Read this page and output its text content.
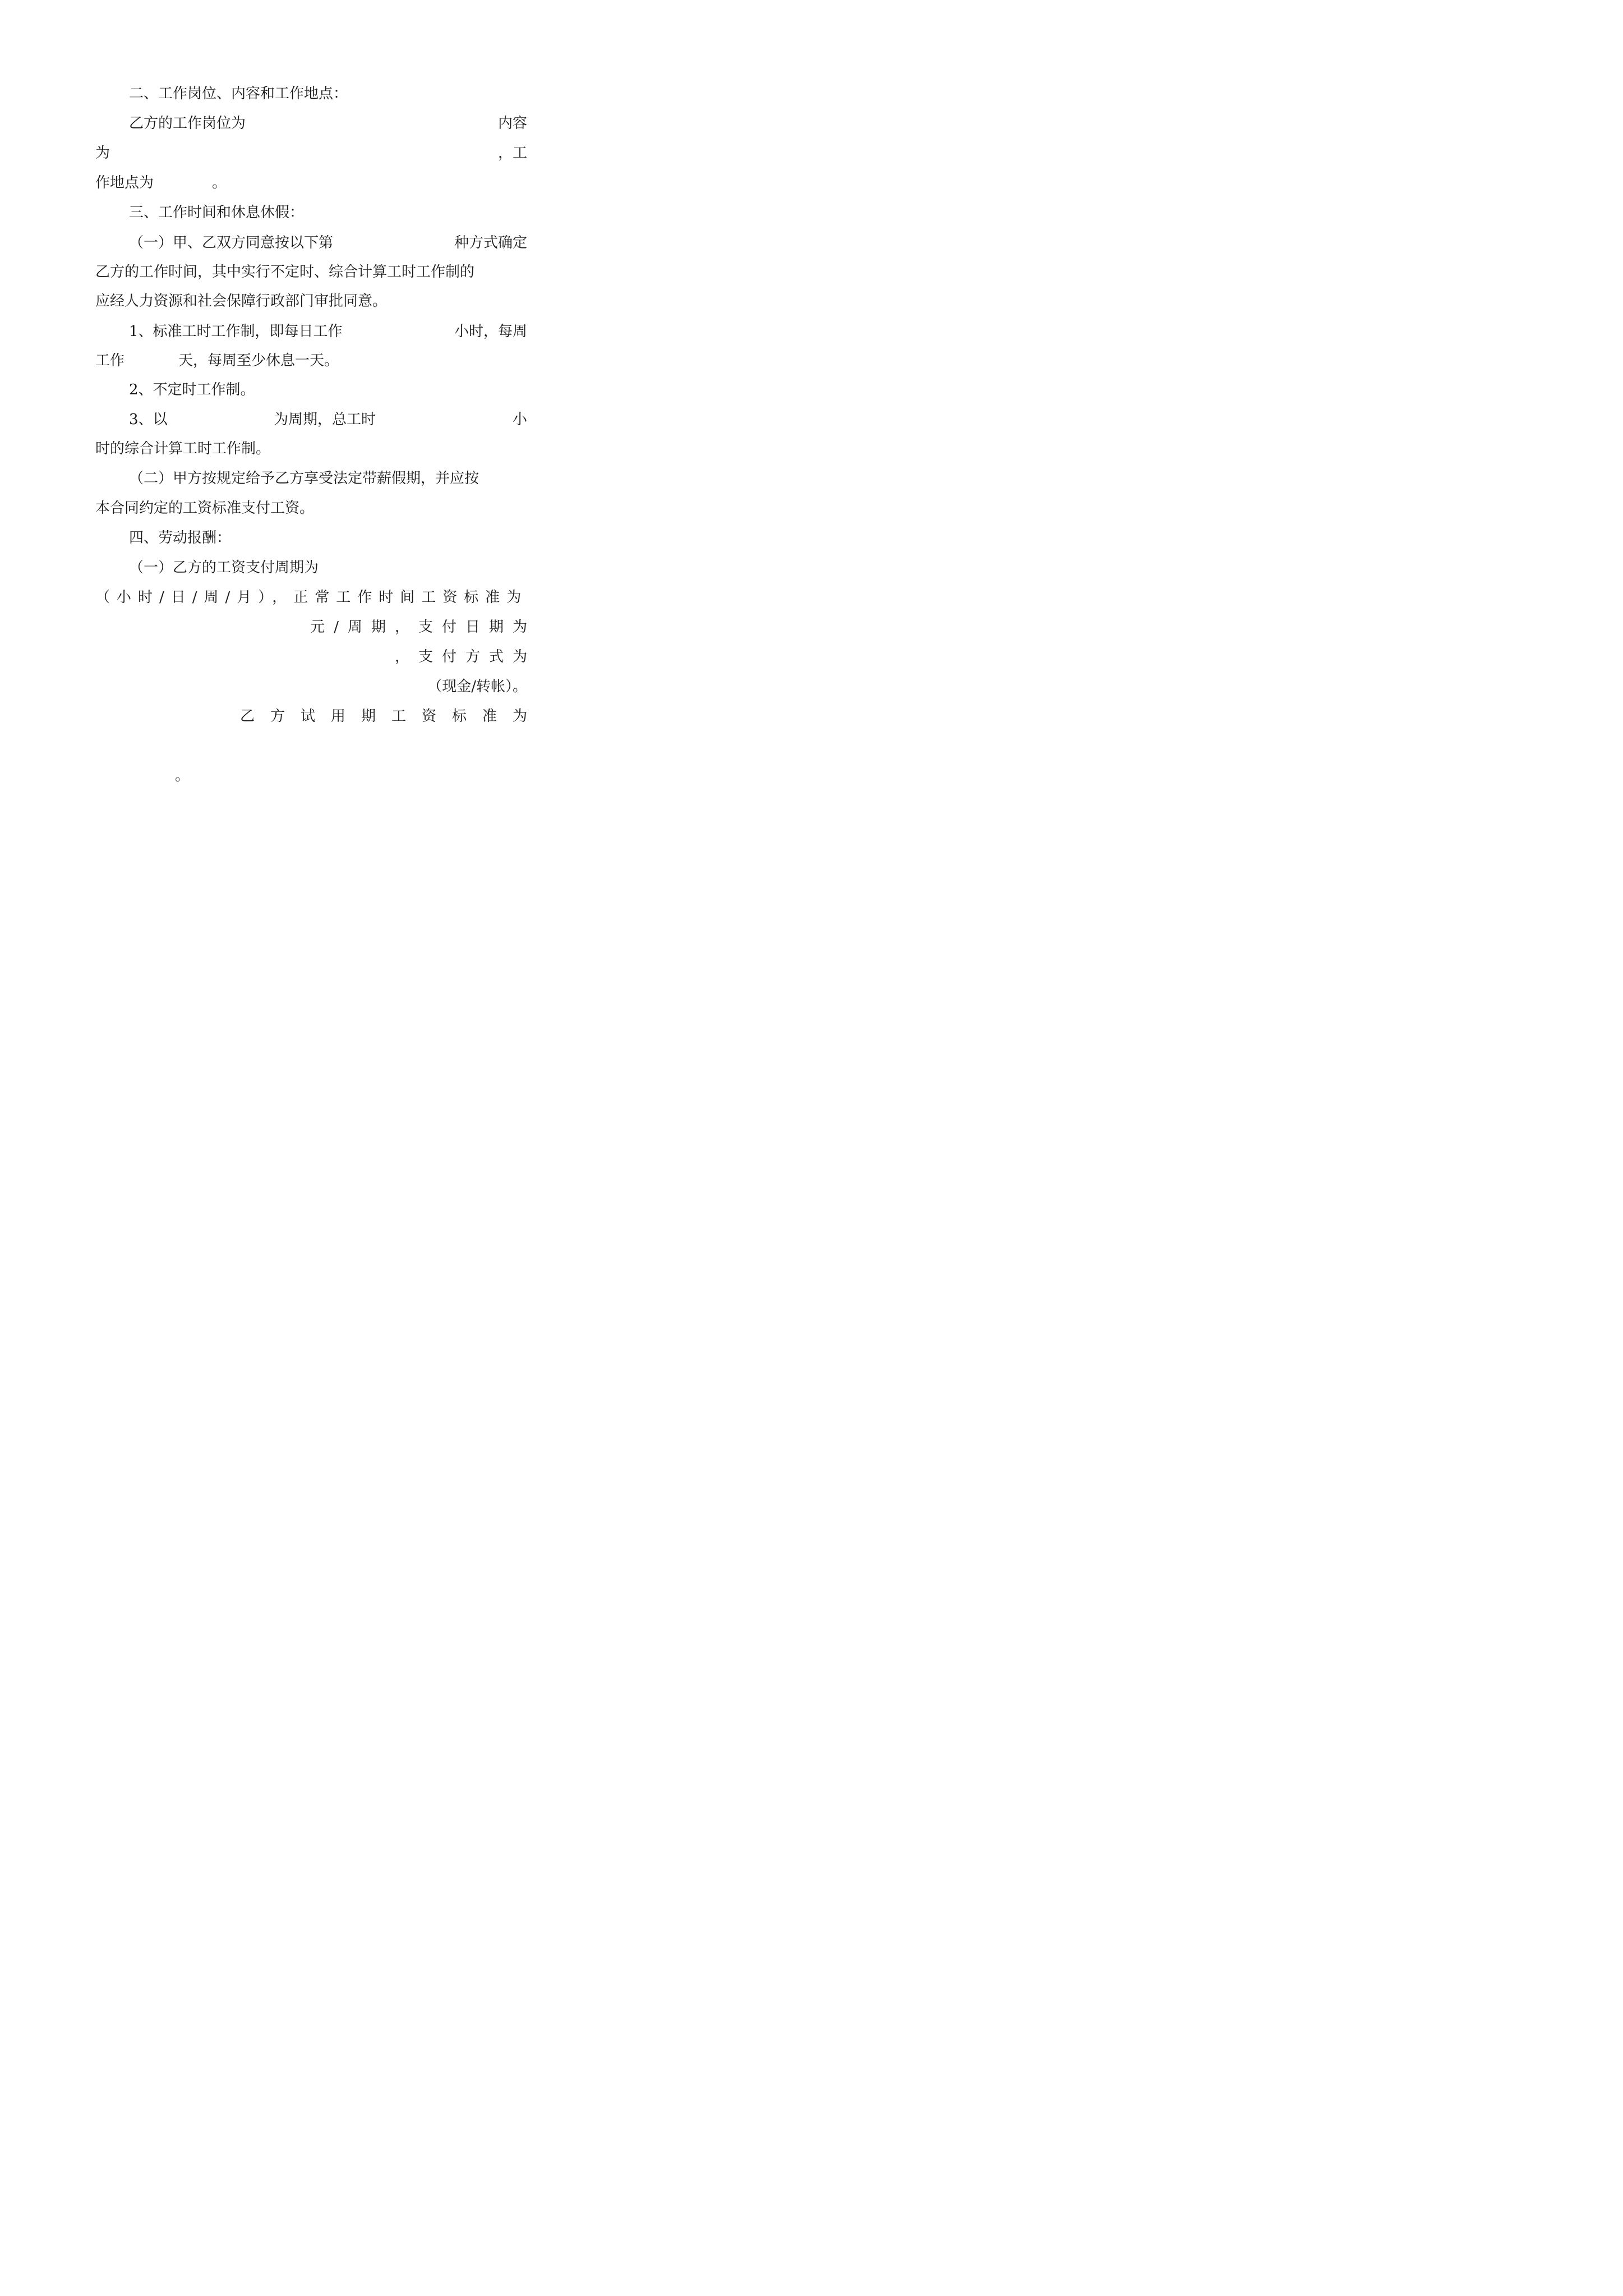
二、工作岗位、内容和工作地点：
乙方的工作岗位为	内容
为	，工
作地点为	。
三、工作时间和休息休假：
（一）甲、乙双方同意按以下第	种方式确定
乙方的工作时间，其中实行不定时、综合计算工时工作制的
应经人力资源和社会保障行政部门审批同意。
1、标准工时工作制，即每日工作	小时，每周
工作	天，每周至少休息一天。
2、不定时工作制。
3、以	为周期，总工时	小
时的综合计算工时工作制。
（二）甲方按规定给予乙方享受法定带薪假期，并应按
本合同约定的工资标准支付工资。
四、劳动报酬：
（一）乙方的工资支付周期为
（小时/日/周/月），正常工作时间工资标准为
元/周期，支付日期为
，支付方式为
（现金/转帐）。
乙方试用期工资标准为
。
